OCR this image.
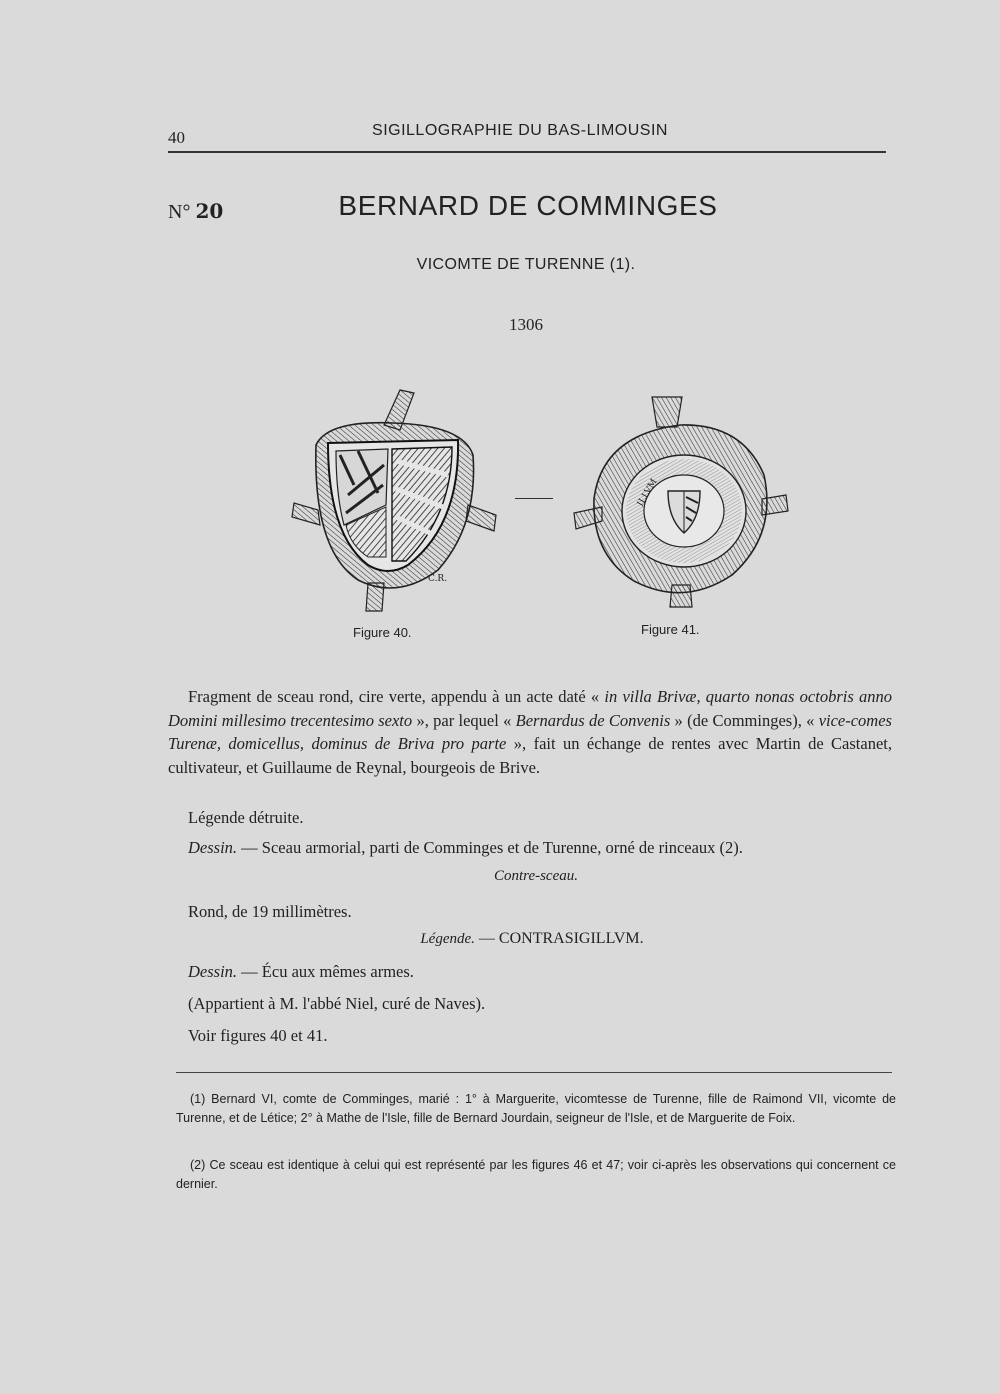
40	SIGILLOGRAPHIE DU BAS-LIMOUSIN
N° 20	BERNARD DE COMMINGES
VICOMTE DE TURENNE (1).
1306
C.R.
ILLVM
Figure 40.	Figure 41.
Fragment de sceau rond, cire verte, appendu à un acte daté « in villa Brivæ, quarto nonas octobris anno Domini millesimo trecentesimo sexto », par lequel « Bernardus de Convenis » (de Comminges), « vice-comes Turenæ, domicellus, dominus de Briva pro parte », fait un échange de rentes avec Martin de Castanet, cultivateur, et Guillaume de Reynal, bourgeois de Brive.
Légende détruite.
Dessin. — Sceau armorial, parti de Comminges et de Turenne, orné de rinceaux (2).
Contre-sceau.
Rond, de 19 millimètres.
Légende. — CONTRASIGILLVM.
Dessin. — Écu aux mêmes armes.
(Appartient à M. l'abbé Niel, curé de Naves).
Voir figures 40 et 41.
(1) Bernard VI, comte de Comminges, marié : 1° à Marguerite, vicomtesse de Turenne, fille de Raimond VII, vicomte de Turenne, et de Létice; 2° à Mathe de l'Isle, fille de Bernard Jourdain, seigneur de l'Isle, et de Marguerite de Foix.
(2) Ce sceau est identique à celui qui est représenté par les figures 46 et 47; voir ci-après les observations qui concernent ce dernier.
